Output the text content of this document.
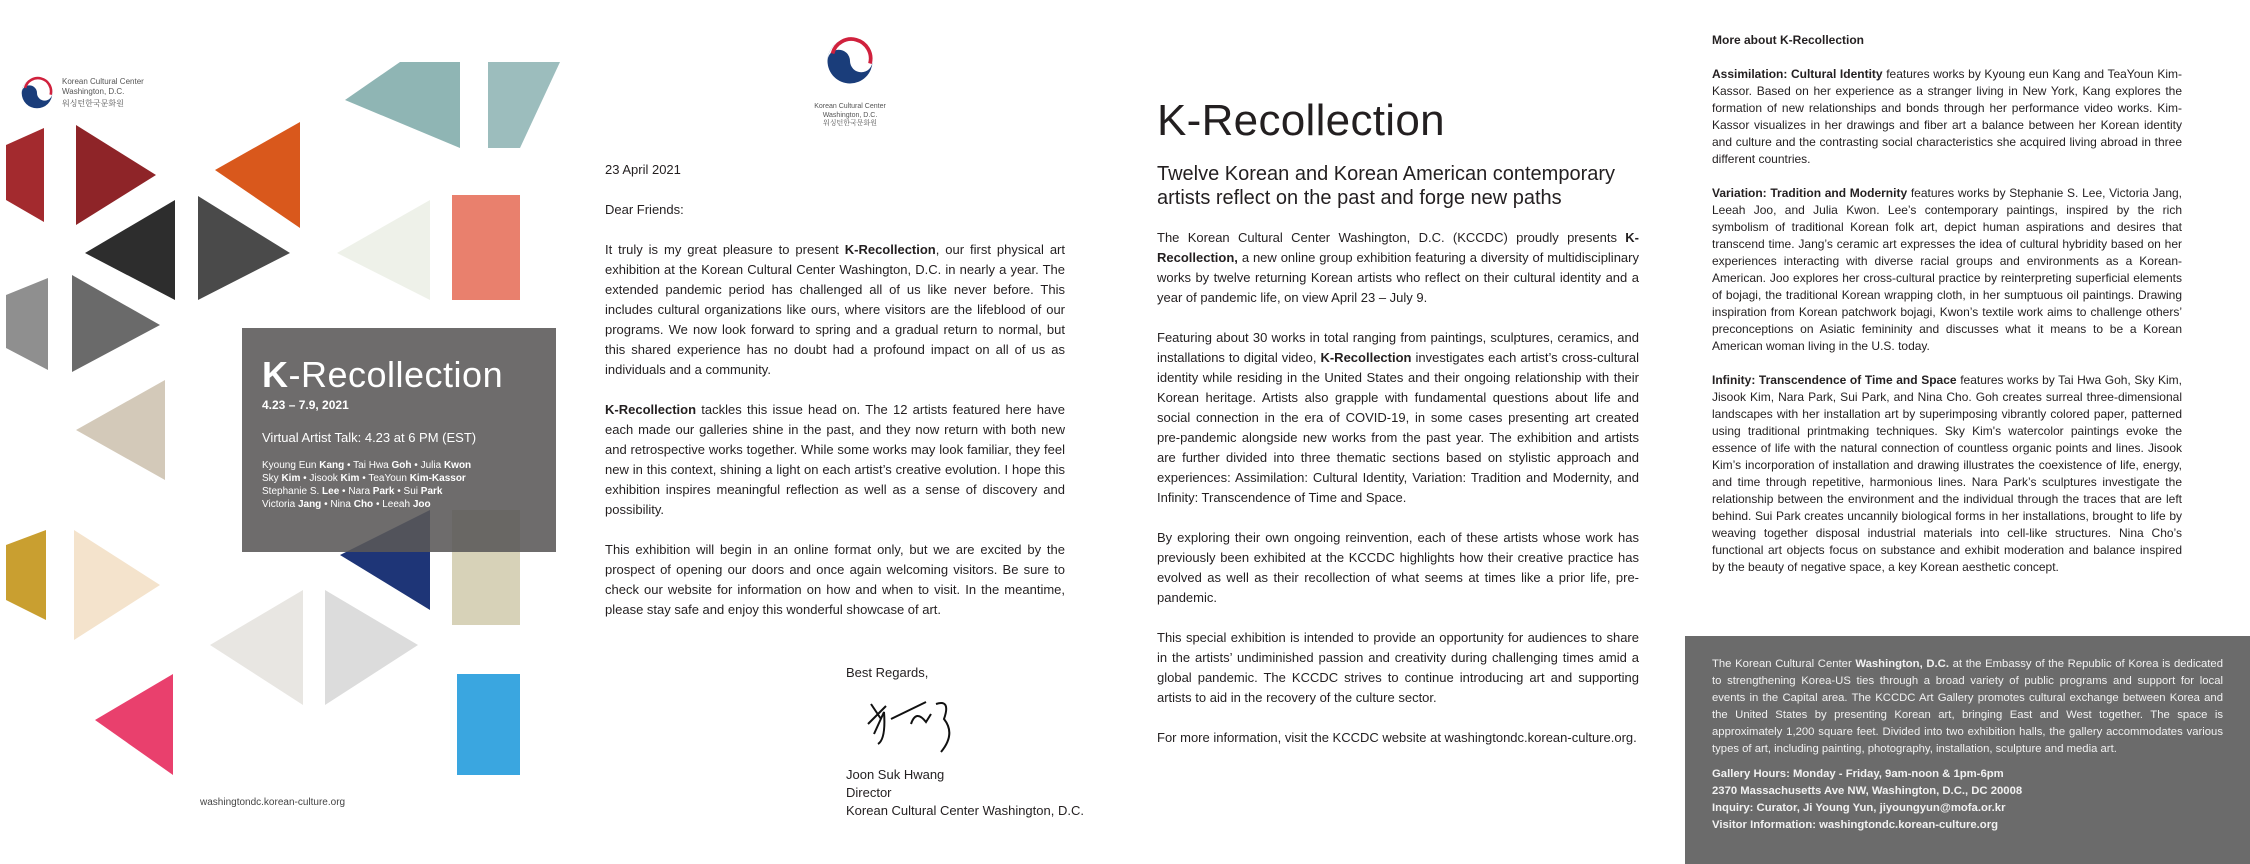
Korean Cultural Center
Washington, D.C.
워싱턴한국문화원
K-Recollection
4.23 – 7.9, 2021
Virtual Artist Talk: 4.23 at 6 PM (EST)
Kyoung Eun Kang • Tai Hwa Goh • Julia Kwon
Sky Kim • Jisook Kim • TeaYoun Kim-Kassor
Stephanie S. Lee • Nara Park • Sui Park
Victoria Jang • Nina Cho • Leeah Joo
washingtondc.korean-culture.org
Korean Cultural Center
Washington, D.C.
워싱턴한국문화원

23 April 2021

Dear Friends:

It truly is my great pleasure to present K-Recollection, our first physical art exhibition at the Korean Cultural Center Washington, D.C. in nearly a year. The extended pandemic period has challenged all of us like never before. This includes cultural organizations like ours, where visitors are the lifeblood of our programs. We now look forward to spring and a gradual return to normal, but this shared experience has no doubt had a profound impact on all of us as individuals and a community.

K-Recollection tackles this issue head on. The 12 artists featured here have each made our galleries shine in the past, and they now return with both new and retrospective works together. While some works may look familiar, they feel new in this context, shining a light on each artist’s creative evolution. I hope this exhibition inspires meaningful reflection as well as a sense of discovery and possibility.

This exhibition will begin in an online format only, but we are excited by the prospect of opening our doors and once again welcoming visitors. Be sure to check our website for information on how and when to visit. In the meantime, please stay safe and enjoy this wonderful showcase of art.

Best Regards,
Joon Suk Hwang
Director
Korean Cultural Center Washington, D.C.
K-Recollection
Twelve Korean and Korean American contemporary artists reflect on the past and forge new paths

The Korean Cultural Center Washington, D.C. (KCCDC) proudly presents K-Recollection, a new online group exhibition featuring a diversity of multidisciplinary works by twelve returning Korean artists who reflect on their cultural identity and a year of pandemic life, on view April 23 – July 9.

Featuring about 30 works in total ranging from paintings, sculptures, ceramics, and installations to digital video, K-Recollection investigates each artist’s cross-cultural identity while residing in the United States and their ongoing relationship with their Korean heritage. Artists also grapple with fundamental questions about life and social connection in the era of COVID-19, in some cases presenting art created pre-pandemic alongside new works from the past year. The exhibition and artists are further divided into three thematic sections based on stylistic approach and experiences: Assimilation: Cultural Identity, Variation: Tradition and Modernity, and Infinity: Transcendence of Time and Space.

By exploring their own ongoing reinvention, each of these artists whose work has previously been exhibited at the KCCDC highlights how their creative practice has evolved as well as their recollection of what seems at times like a prior life, pre-pandemic.

This special exhibition is intended to provide an opportunity for audiences to share in the artists’ undiminished passion and creativity during challenging times amid a global pandemic. The KCCDC strives to continue introducing art and supporting artists to aid in the recovery of the culture sector.

For more information, visit the KCCDC website at washingtondc.korean-culture.org.

More about K-Recollection

Assimilation: Cultural Identity features works by Kyoung eun Kang and TeaYoun Kim-Kassor. Based on her experience as a stranger living in New York, Kang explores the formation of new relationships and bonds through her performance video works. Kim-Kassor visualizes in her drawings and fiber art a balance between her Korean identity and culture and the contrasting social characteristics she acquired living abroad in three different countries.

Variation: Tradition and Modernity features works by Stephanie S. Lee, Victoria Jang, Leeah Joo, and Julia Kwon. Lee’s contemporary paintings, inspired by the rich symbolism of traditional Korean folk art, depict human aspirations and desires that transcend time. Jang’s ceramic art expresses the idea of cultural hybridity based on her experiences interacting with diverse racial groups and environments as a Korean-American. Joo explores her cross-cultural practice by reinterpreting superficial elements of bojagi, the traditional Korean wrapping cloth, in her sumptuous oil paintings. Drawing inspiration from Korean patchwork bojagi, Kwon’s textile work aims to challenge others’ preconceptions on Asiatic femininity and discusses what it means to be a Korean American woman living in the U.S. today.

Infinity: Transcendence of Time and Space features works by Tai Hwa Goh, Sky Kim, Jisook Kim, Nara Park, Sui Park, and Nina Cho. Goh creates surreal three-dimensional landscapes with her installation art by superimposing vibrantly colored paper, patterned using traditional printmaking techniques. Sky Kim's watercolor paintings evoke the essence of life with the natural connection of countless organic points and lines. Jisook Kim’s incorporation of installation and drawing illustrates the coexistence of life, energy, and time through repetitive, harmonious lines. Nara Park’s sculptures investigate the relationship between the environment and the individual through the traces that are left behind. Sui Park creates uncannily biological forms in her installations, brought to life by weaving together disposal industrial materials into cell-like structures. Nina Cho’s functional art objects focus on substance and exhibit moderation and balance inspired by the beauty of negative space, a key Korean aesthetic concept.

The Korean Cultural Center Washington, D.C. at the Embassy of the Republic of Korea is dedicated to strengthening Korea-US ties through a broad variety of public programs and support for local events in the Capital area. The KCCDC Art Gallery promotes cultural exchange between Korea and the United States by presenting Korean art, bringing East and West together. The space is approximately 1,200 square feet. Divided into two exhibition halls, the gallery accommodates various types of art, including painting, photography, installation, sculpture and media art.

Gallery Hours: Monday - Friday, 9am-noon & 1pm-6pm
2370 Massachusetts Ave NW, Washington, D.C., DC 20008
Inquiry: Curator, Ji Young Yun, jiyoungyun@mofa.or.kr
Visitor Information: washingtondc.korean-culture.org
